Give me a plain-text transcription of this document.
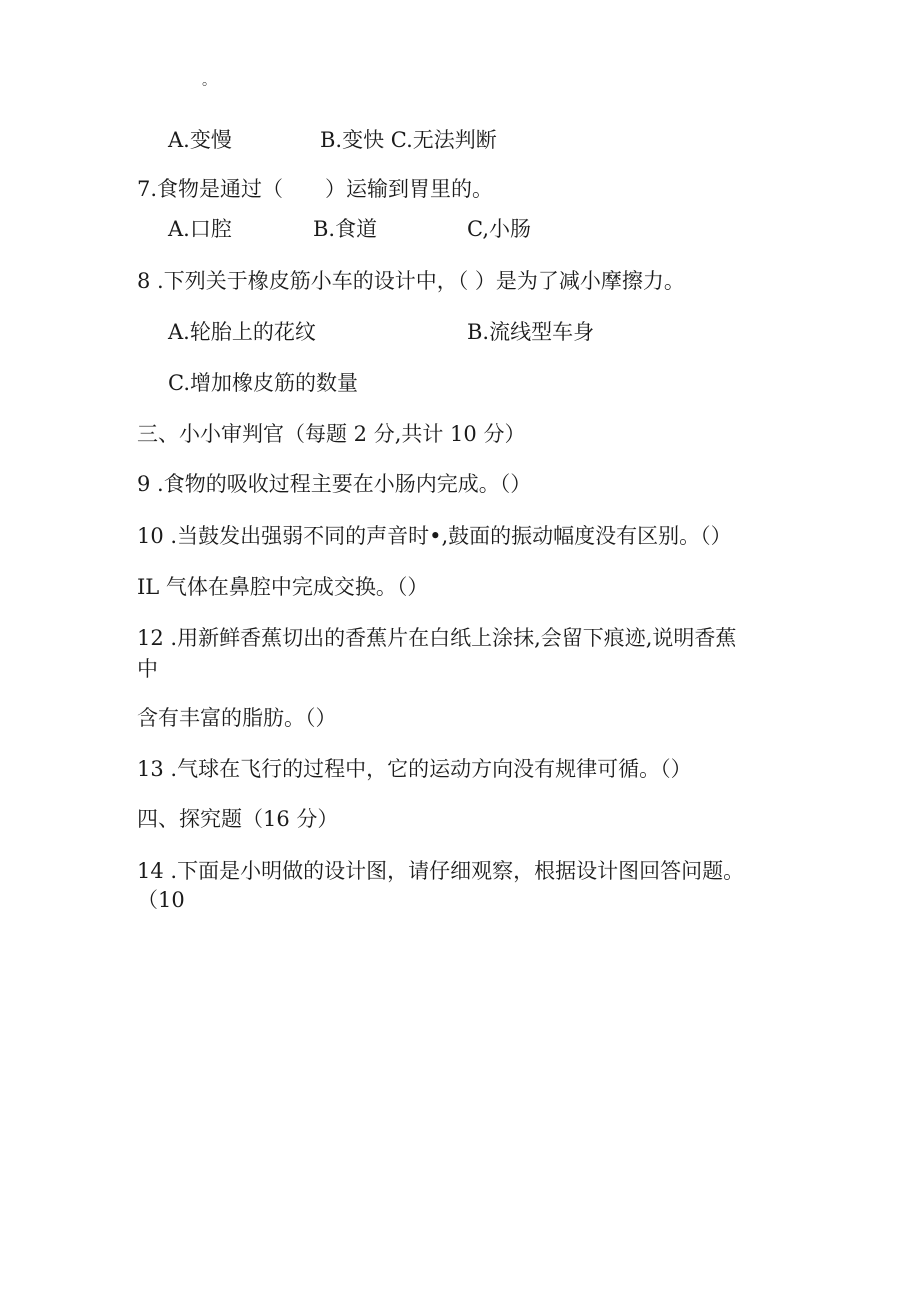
。
A.变慢	B.变快 C.无法判断
7.食物是通过（　　）运输到胃里的。
A.口腔	B.食道	C,小肠
8 .下列关于橡皮筋小车的设计中，（ ）是为了减小摩擦力。
A.轮胎上的花纹	B.流线型车身
C.增加橡皮筋的数量
三、小小审判官（每题 2 分,共计 10 分）
9 .食物的吸收过程主要在小肠内完成。（）
10 .当鼓发出强弱不同的声音时•,鼓面的振动幅度没有区别。（）
IL 气体在鼻腔中完成交换。（）
12 .用新鲜香蕉切出的香蕉片在白纸上涂抹,会留下痕迹,说明香蕉
中
含有丰富的脂肪。（）
13 .气球在飞行的过程中，它的运动方向没有规律可循。（）
四、探究题（16 分）
14 .下面是小明做的设计图，请仔细观察，根据设计图回答问题。
（10
